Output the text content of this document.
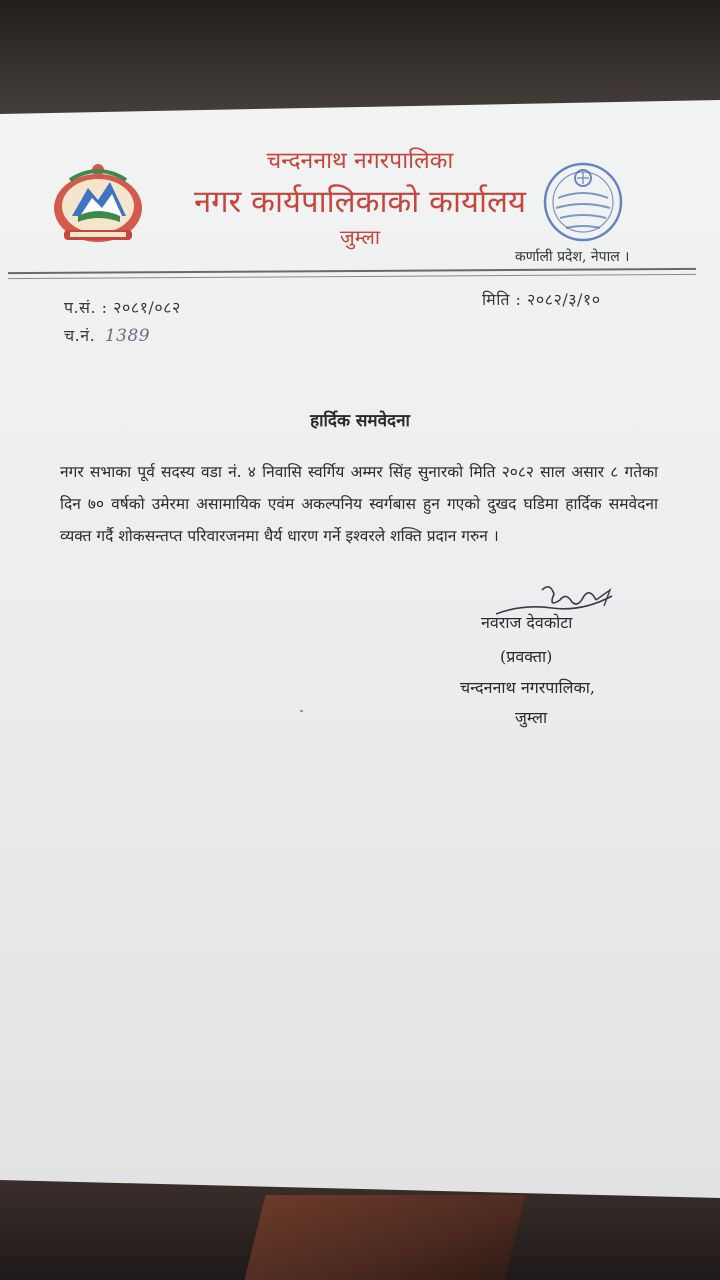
चन्दननाथ नगरपालिका
नगर कार्यपालिकाको कार्यालय
जुम्ला
कर्णाली प्रदेश, नेपाल ।
प.सं. : २०८१/०८२
च.नं. 1389
मिति : २०८२/३/१०
हार्दिक समवेदना
नगर सभाका पूर्व सदस्य वडा नं. ४ निवासि स्वर्गिय अम्मर सिंह सुनारको मिति २०८२ साल असार ८ गतेका दिन ७० वर्षको उमेरमा असामायिक एवंम अकल्पनिय स्वर्गबास हुन गएको दुखद घडिमा हार्दिक समवेदना व्यक्त गर्दै शोकसन्तप्त परिवारजनमा धैर्य धारण गर्ने इश्वरले शक्ति प्रदान गरुन ।
नवराज देवकोटा
(प्रवक्ता)
चन्दननाथ नगरपालिका,
जुम्ला
